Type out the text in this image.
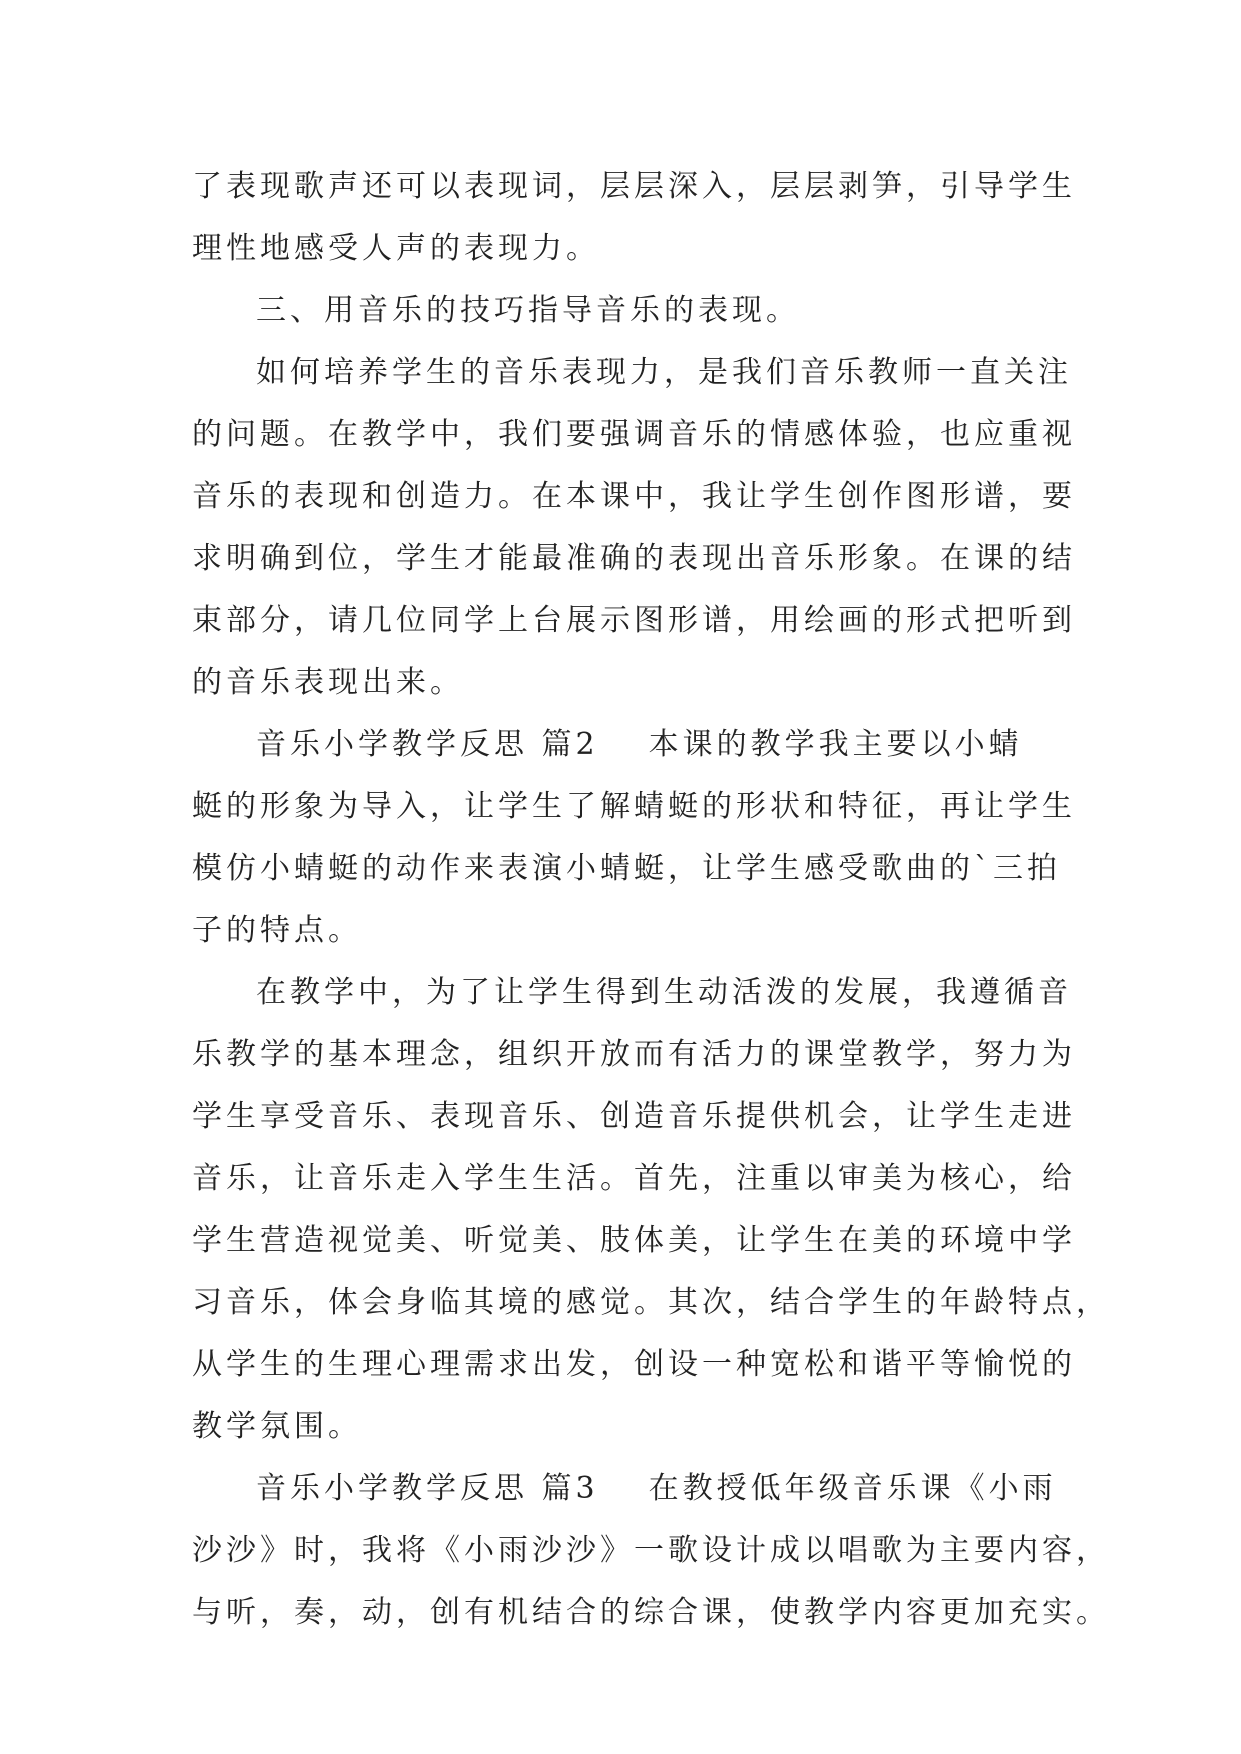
了表现歌声还可以表现词，层层深入，层层剥笋，引导学生
理性地感受人声的表现力。
三、用音乐的技巧指导音乐的表现。
如何培养学生的音乐表现力，是我们音乐教师一直关注
的问题。在教学中，我们要强调音乐的情感体验，也应重视
音乐的表现和创造力。在本课中，我让学生创作图形谱，要
求明确到位，学生才能最准确的表现出音乐形象。在课的结
束部分，请几位同学上台展示图形谱，用绘画的形式把听到
的音乐表现出来。
音乐小学教学反思 篇2 本课的教学我主要以小蜻
蜓的形象为导入，让学生了解蜻蜓的形状和特征，再让学生
模仿小蜻蜓的动作来表演小蜻蜓，让学生感受歌曲的`三拍
子的特点。
在教学中，为了让学生得到生动活泼的发展，我遵循音
乐教学的基本理念，组织开放而有活力的课堂教学，努力为
学生享受音乐、表现音乐、创造音乐提供机会，让学生走进
音乐，让音乐走入学生生活。首先，注重以审美为核心，给
学生营造视觉美、听觉美、肢体美，让学生在美的环境中学
习音乐，体会身临其境的感觉。其次，结合学生的年龄特点，
从学生的生理心理需求出发，创设一种宽松和谐平等愉悦的
教学氛围。
音乐小学教学反思 篇3 在教授低年级音乐课《小雨
沙沙》时，我将《小雨沙沙》一歌设计成以唱歌为主要内容，
与听，奏，动，创有机结合的综合课，使教学内容更加充实。
